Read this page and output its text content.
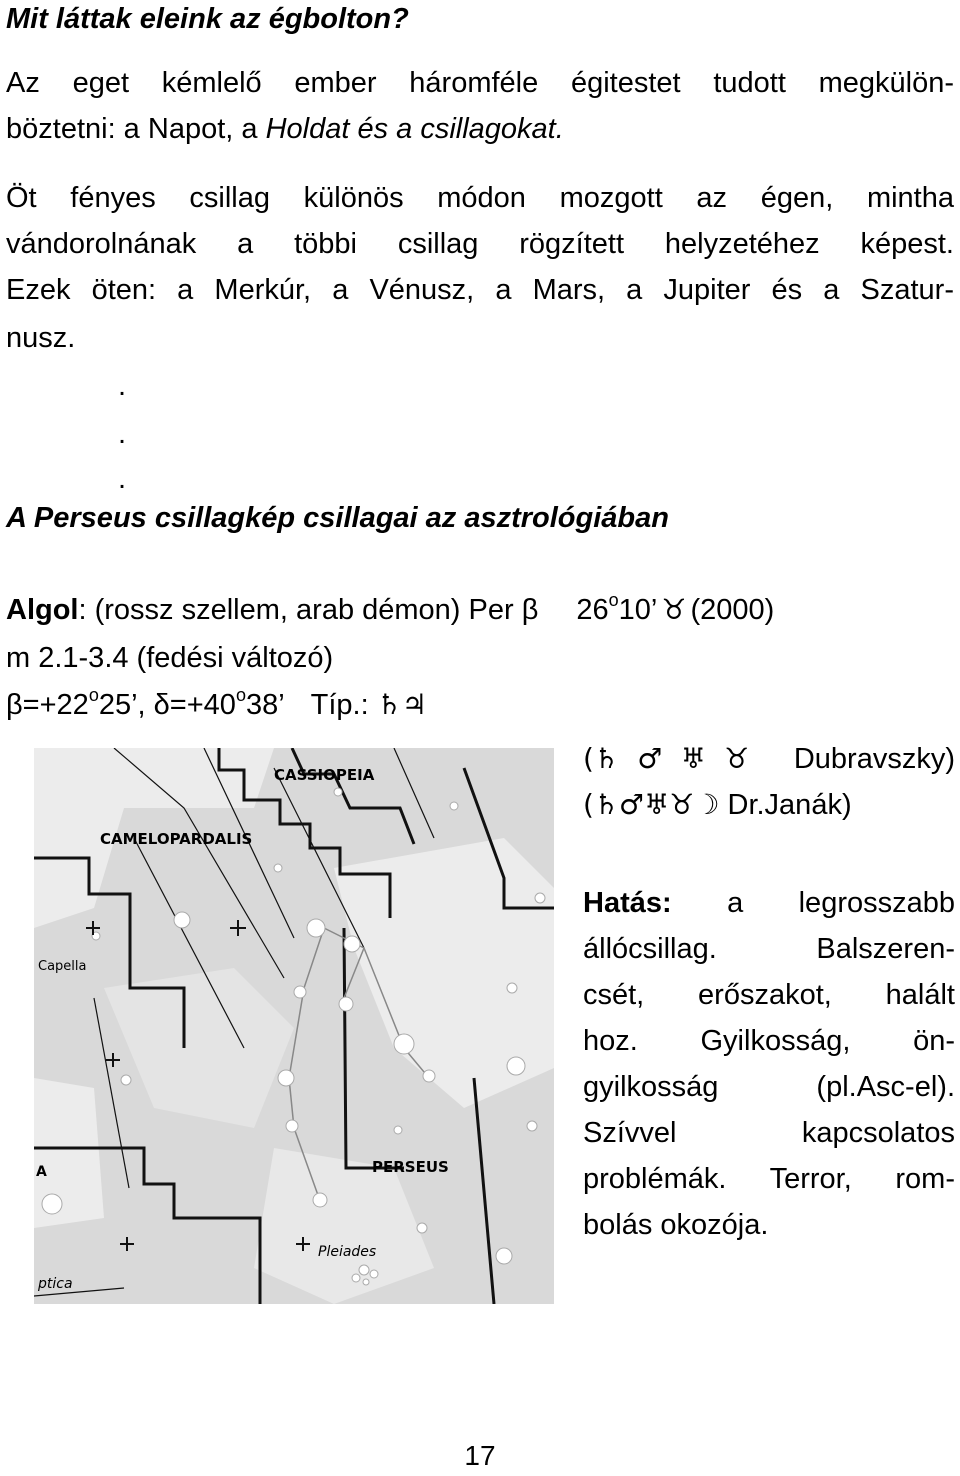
Mit láttak eleink az égbolton?
Az eget kémlelő ember háromféle égitestet tudott megkülön-
böztetni: a Napot, a Holdat és a csillagokat.
Öt fényes csillag különös módon mozgott az égen, mintha
vándorolnának a többi csillag rögzített helyzetéhez képest.
Ezek öten: a Merkúr, a Vénusz, a Mars, a Jupiter és a Szatur-
nusz.
.
.
.
A Perseus csillagkép csillagai az asztrológiában
Algol: (rossz szellem, arab démon) Per β 26$^o$10’ ♉ (2000)
m 2.1-3.4 (fedési változó)
$\beta=+22^o25$’, $\delta=+40^o38$’ Típ.: ♄♃

(♄♂♅♉ Dubravszky)

(♄♂♅♉☽ Dr.Janák)

Hatás: a legrosszabb

állócsillag. Balszeren-

csét, erőszakot, halált

hoz. Gyilkosság, ön-

gyilkosság (pl.Asc-el).

Szívvel kapcsolatos

problémák. Terror, rom-

bolás okozója.

CASSIOPEIA
CAMELOPARDALIS
Capella
PERSEUS
Pleiades
ptica
A
17
